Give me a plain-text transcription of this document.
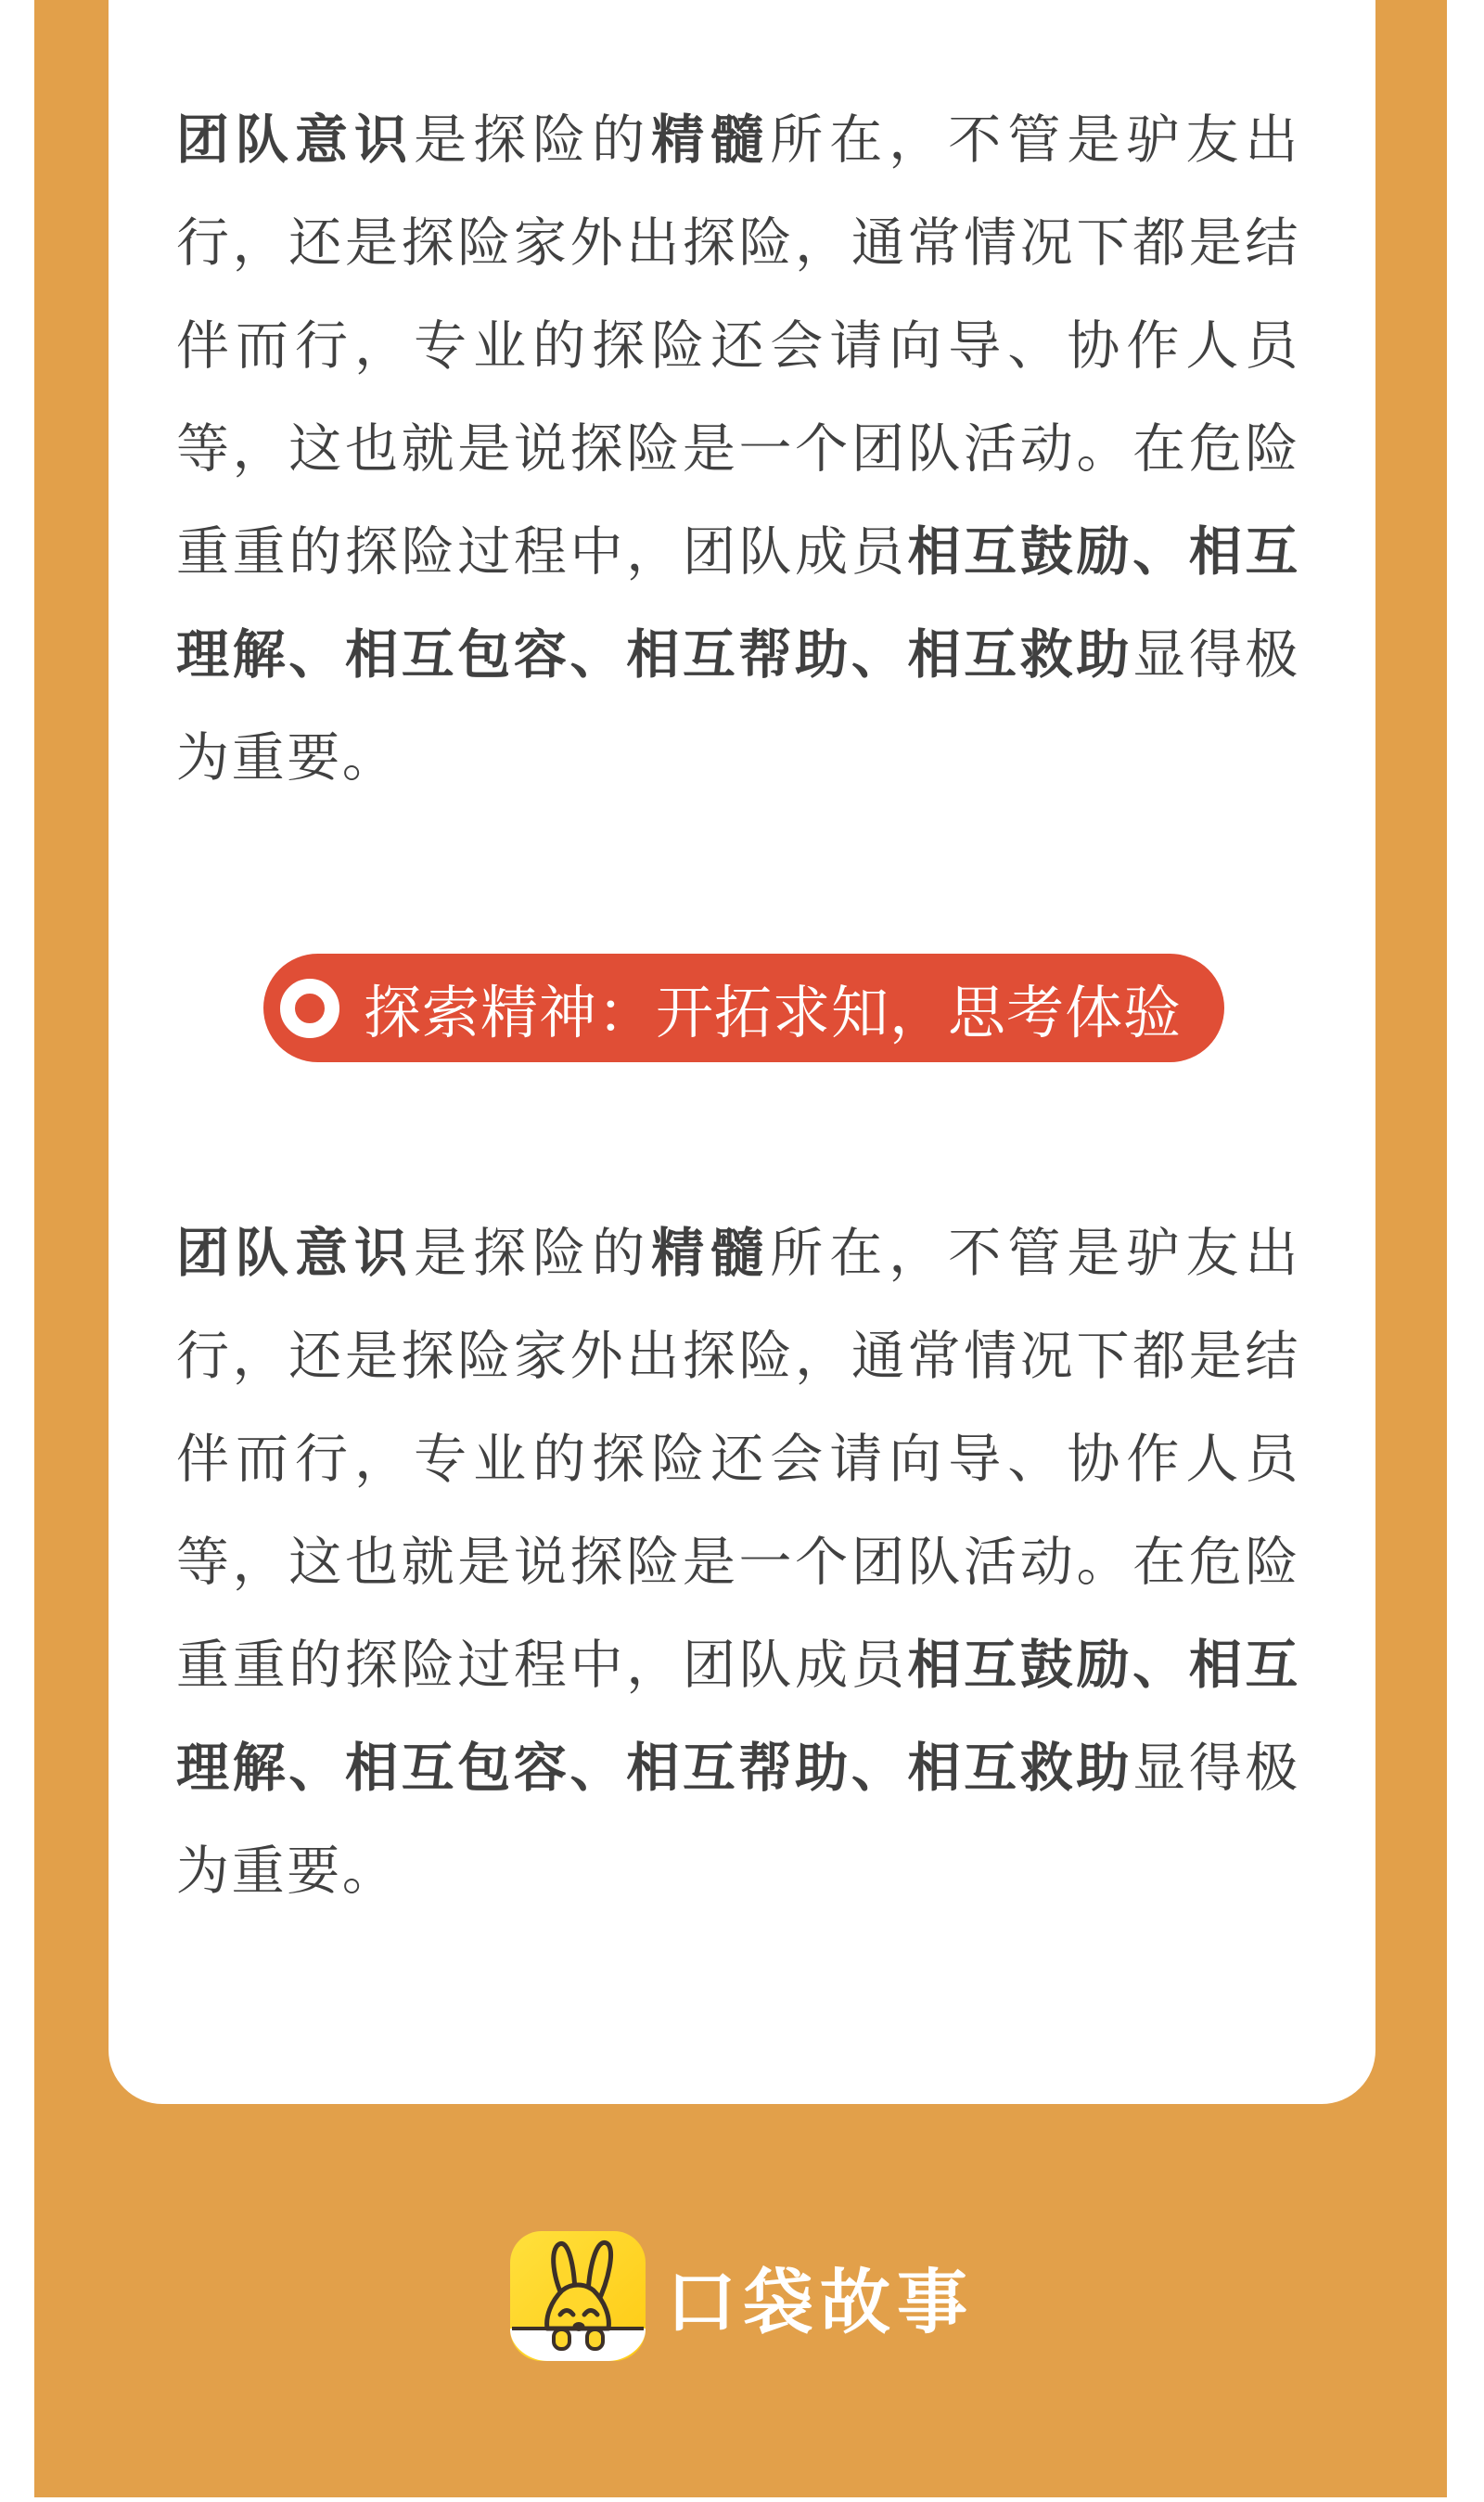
团队意识是探险的精髓所在，不管是驴友出行，还是探险家外出探险，通常情况下都是结伴而行，专业的探险还会请向导、协作人员等，这也就是说探险是一个团队活动。在危险重重的探险过程中，团队成员相互鼓励、相互理解、相互包容、相互帮助、相互救助显得极为重要。
探索精神：开拓求知，思考体验
团队意识是探险的精髓所在，不管是驴友出行，还是探险家外出探险，通常情况下都是结伴而行，专业的探险还会请向导、协作人员等，这也就是说探险是一个团队活动。在危险重重的探险过程中，团队成员相互鼓励、相互理解、相互包容、相互帮助、相互救助显得极为重要。
口袋故事
